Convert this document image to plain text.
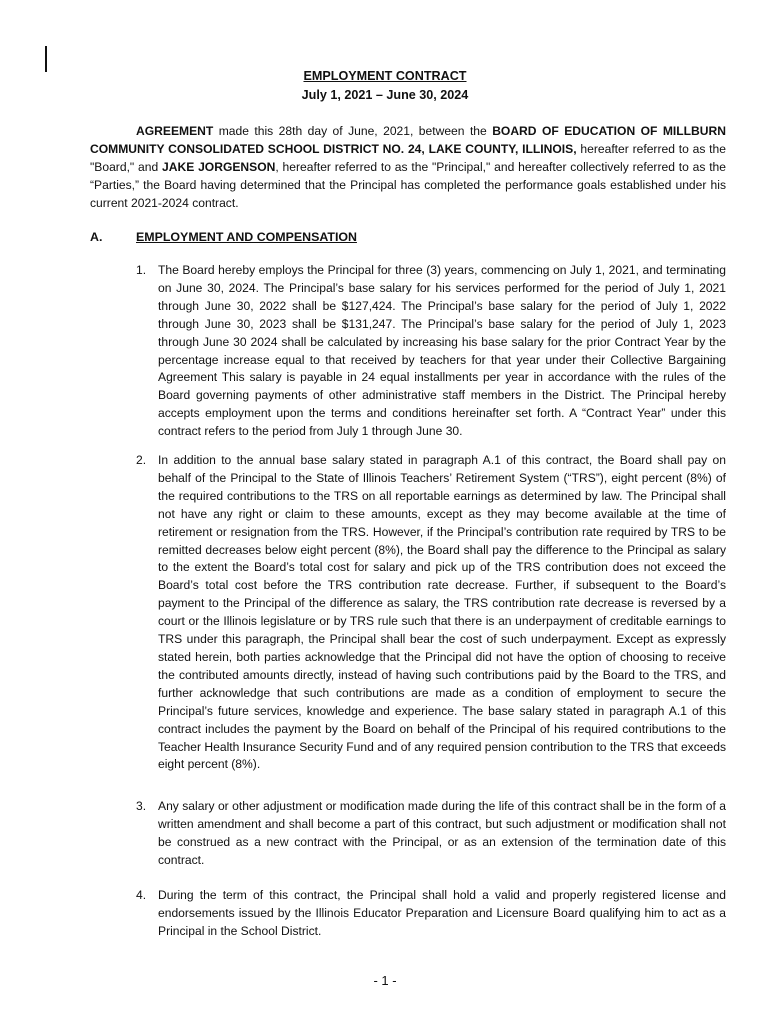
EMPLOYMENT CONTRACT
July 1, 2021 – June 30, 2024

AGREEMENT made this 28th day of June, 2021, between the BOARD OF EDUCATION OF MILLBURN COMMUNITY CONSOLIDATED SCHOOL DISTRICT NO. 24, LAKE COUNTY, ILLINOIS, hereafter referred to as the "Board," and JAKE JORGENSON, hereafter referred to as the "Principal," and hereafter collectively referred to as the “Parties,” the Board having determined that the Principal has completed the performance goals established under his current 2021-2024 contract.

A.	EMPLOYMENT AND COMPENSATION
1. The Board hereby employs the Principal for three (3) years, commencing on July 1, 2021, and terminating on June 30, 2024. The Principal’s base salary for his services performed for the period of July 1, 2021 through June 30, 2022 shall be $127,424. The Principal’s base salary for the period of July 1, 2022 through June 30, 2023 shall be $131,247. The Principal’s base salary for the period of July 1, 2023 through June 30 2024 shall be calculated by increasing his base salary for the prior Contract Year by the percentage increase equal to that received by teachers for that year under their Collective Bargaining Agreement This salary is payable in 24 equal installments per year in accordance with the rules of the Board governing payments of other administrative staff members in the District. The Principal hereby accepts employment upon the terms and conditions hereinafter set forth. A “Contract Year” under this contract refers to the period from July 1 through June 30.

2. In addition to the annual base salary stated in paragraph A.1 of this contract, the Board shall pay on behalf of the Principal to the State of Illinois Teachers’ Retirement System (“TRS”), eight percent (8%) of the required contributions to the TRS on all reportable earnings as determined by law. The Principal shall not have any right or claim to these amounts, except as they may become available at the time of retirement or resignation from the TRS. However, if the Principal’s contribution rate required by TRS to be remitted decreases below eight percent (8%), the Board shall pay the difference to the Principal as salary to the extent the Board’s total cost for salary and pick up of the TRS contribution does not exceed the Board’s total cost before the TRS contribution rate decrease. Further, if subsequent to the Board’s payment to the Principal of the difference as salary, the TRS contribution rate decrease is reversed by a court or the Illinois legislature or by TRS rule such that there is an underpayment of creditable earnings to TRS under this paragraph, the Principal shall bear the cost of such underpayment. Except as expressly stated herein, both parties acknowledge that the Principal did not have the option of choosing to receive the contributed amounts directly, instead of having such contributions paid by the Board to the TRS, and further acknowledge that such contributions are made as a condition of employment to secure the Principal’s future services, knowledge and experience. The base salary stated in paragraph A.1 of this contract includes the payment by the Board on behalf of the Principal of his required contributions to the Teacher Health Insurance Security Fund and of any required pension contribution to the TRS that exceeds eight percent (8%).

3. Any salary or other adjustment or modification made during the life of this contract shall be in the form of a written amendment and shall become a part of this contract, but such adjustment or modification shall not be construed as a new contract with the Principal, or as an extension of the termination date of this contract.

4. During the term of this contract, the Principal shall hold a valid and properly registered license and endorsements issued by the Illinois Educator Preparation and Licensure Board qualifying him to act as a Principal in the School District.

- 1 -
